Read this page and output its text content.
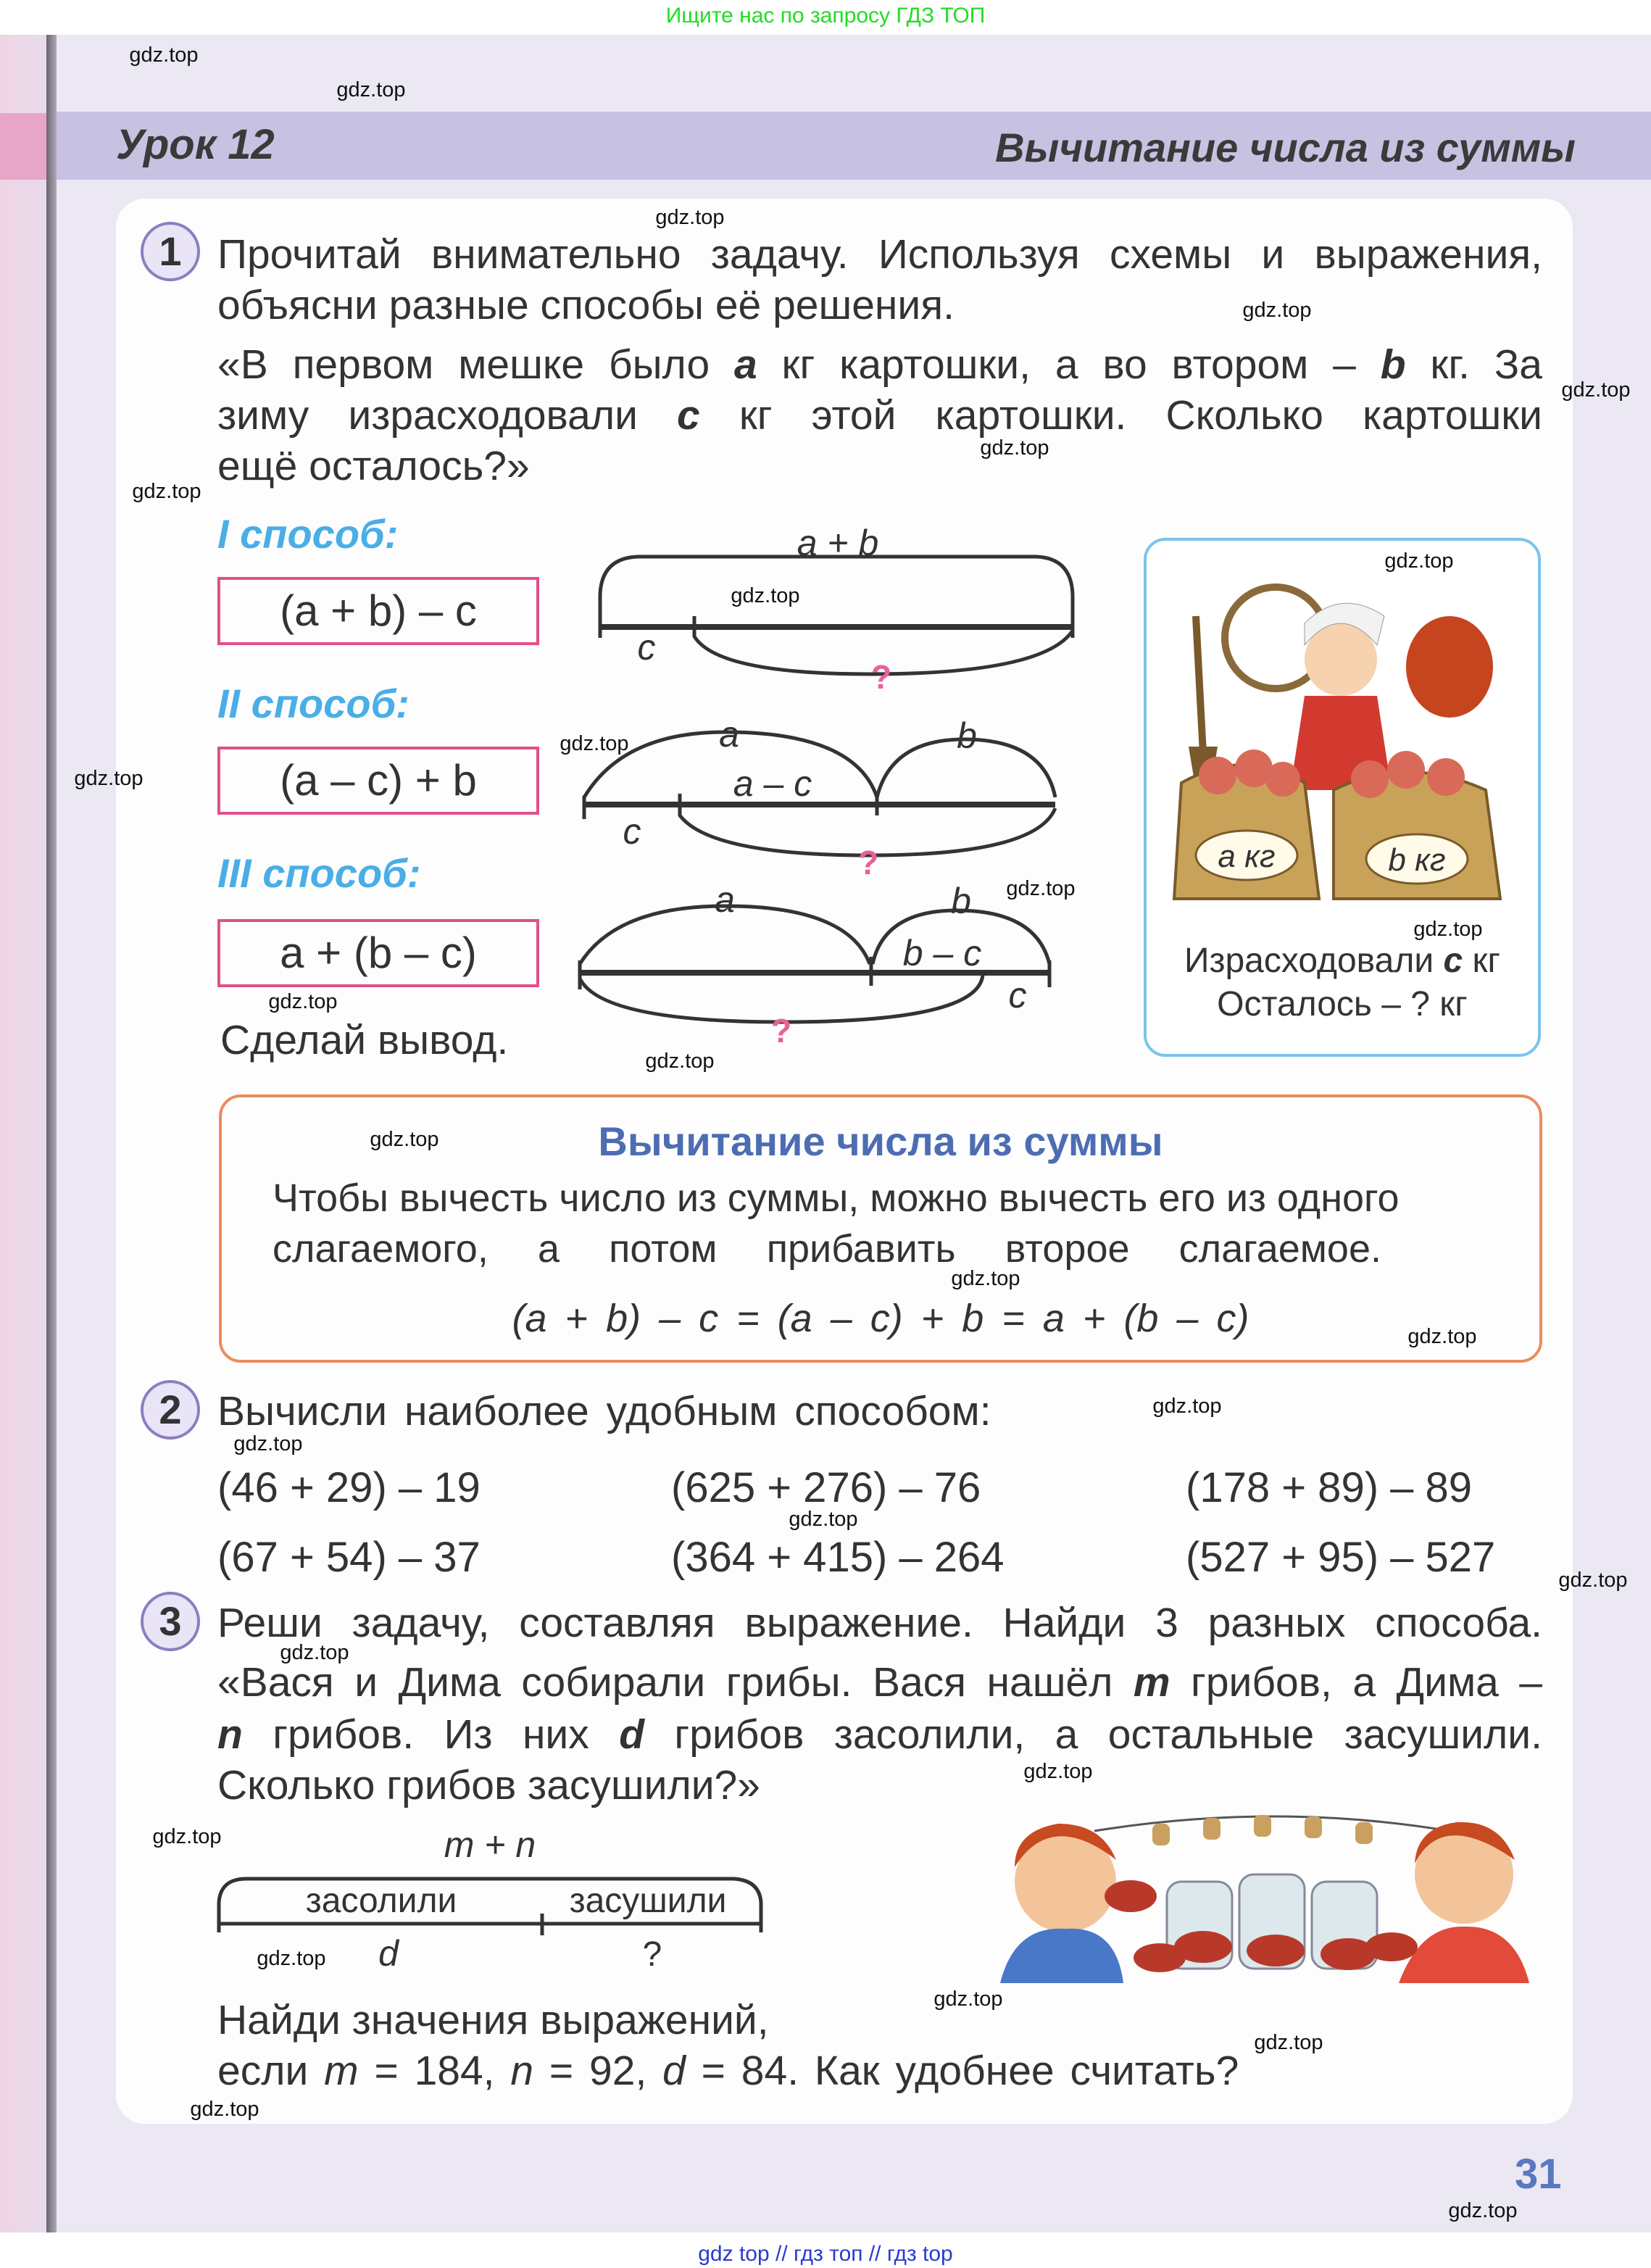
Ищите нас по запросу ГДЗ ТОП
Урок 12	Вычитание числа из суммы
1 Прочитай внимательно задачу. Используя схемы и выражения,
объясни разные способы её решения.
«В первом мешке было a кг картошки, а во втором – b кг. За
зиму израсходовали c кг этой картошки. Сколько картошки
ещё осталось?»
I способ:
(a + b) – c
II способ:
(a – c) + b
III способ:
a + (b – c)
Сделай вывод.
a + b
c
a	b
a – c
c
a	b
b – c
c
m + n
d
засолили	засушили
?
?
?
?
a кг	b кг
Израсходовали c кг
Осталось – ? кг
Вычитание числа из суммы
Чтобы вычесть число из суммы, можно вычесть его из одного
слагаемого, а потом прибавить второе слагаемое.
(a + b) – c = (a – c) + b = a + (b – c)
2 Вычисли наиболее удобным способом:
(46 + 29) – 19	(625 + 276) – 76	(178 + 89) – 89
(67 + 54) – 37	(364 + 415) – 264	(527 + 95) – 527
3 Реши задачу, составляя выражение. Найди 3 разных способа.
«Вася и Дима собирали грибы. Вася нашёл m грибов, а Дима –
n грибов. Из них d грибов засолили, а остальные засушили.
Сколько грибов засушили?»
Найди значения выражений,
если m = 184, n = 92, d = 84. Как удобнее считать?
31
gdz.top
gdz.top
gdz.top
gdz.top
gdz.top
gdz.top
gdz.top
gdz.top
gdz.top
gdz.top
gdz.top
gdz.top
gdz.top
gdz.top
gdz.top
gdz.top
gdz.top
gdz.top
gdz.top
gdz.top
gdz.top
gdz.top
gdz.top
gdz.top
gdz.top
gdz.top
gdz.top
gdz.top
gdz.top
gdz.top
gdz top // гдз топ // гдз top
